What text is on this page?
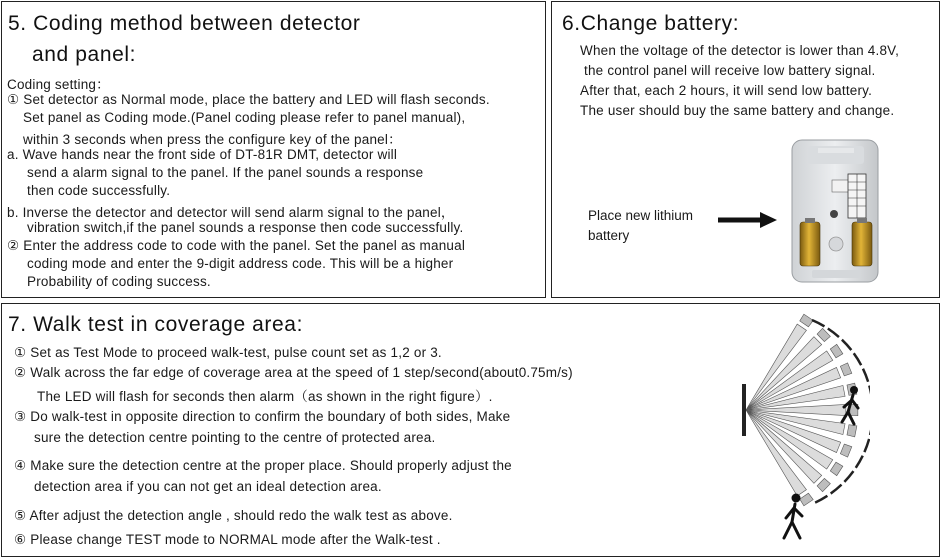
5. Coding method between detector
and panel:
Coding setting：
① Set detector as Normal mode, place the battery and LED will flash seconds.
Set panel as Coding mode.(Panel coding please refer to panel manual),
within 3 seconds when press the configure key of the panel：
a. Wave hands near the front side of DT-81R DMT, detector will
send a alarm signal to the panel. If the panel sounds a response
then code successfully.
b. Inverse the detector and detector will send alarm signal to the panel，
vibration switch,if the panel sounds a response then code successfully.
② Enter the address code to code with the panel. Set the panel as manual
coding mode and enter the 9-digit address code. This will be a higher
Probability of coding success.
6.Change battery:
When the voltage of the detector is lower than 4.8V,
the control panel will receive low battery signal.
After that, each 2 hours, it will send low battery.
The user should buy the same battery and change.
Place new lithium
battery
7. Walk test in coverage area:
① Set as Test Mode to proceed walk-test, pulse count set as 1,2 or 3.
② Walk across the far edge of coverage area at the speed of 1 step/second(about0.75m/s)
The LED will flash for seconds then alarm（as shown in the right figure）.
③ Do walk-test in opposite direction to confirm the boundary of both sides, Make
sure the detection centre pointing to the centre of protected area.
④ Make sure the detection centre at the proper place. Should properly adjust the
detection area if you can not get an ideal detection area.
⑤ After adjust the detection angle , should redo the walk test as above.
⑥ Please change TEST mode to NORMAL mode after the Walk-test .
